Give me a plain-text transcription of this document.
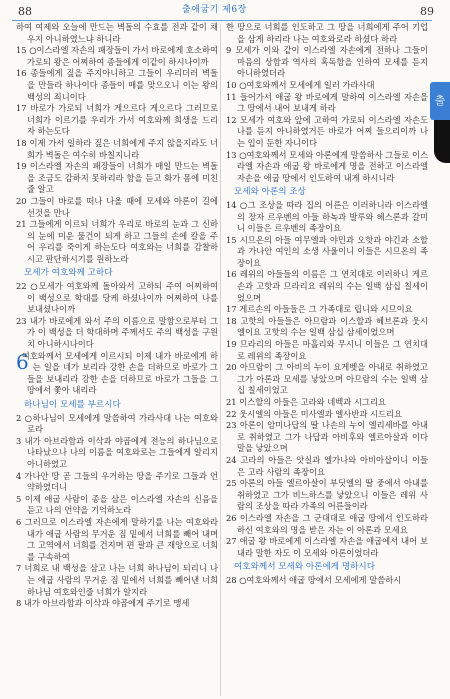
88	출애굽기 제6장	89

하여 여제와 오늘에 만드는 벽돌의 수효를 전과 같이 채우지 아니하였느냐 하니라

15 ○이스라엘 자손의 패장들이 가서 바로에게 호소하여 가로되 왕은 어찌하여 종들에게 이같이 하시나이까

16 종들에게 짚을 주지아니하고 그들이 우리더러 벽돌을 만들라 하나이다 종들이 매를 맞으오니 이는 왕의 백성의 죄니이다

17 바로가 가로되 너희가 게으르다 게으르다 그러므로 너희가 이르기를 우리가 가서 여호와께 희생을 드리자 하는도다

18 이제 가서 일하라 짚은 너희에게 주지 않을지라도 너희가 벽돌은 여수히 바칠지니라

19 이스라엘 자손의 패장들이 너희가 매일 만드는 벽돌을 조금도 감하지 못하리라 함을 듣고 화가 몸에 미친줄 알고

20 그들이 바로를 떠나 나올 때에 모세와 아론이 길에 선것을 만나

21 그들에게 이르되 너희가 우리로 바로의 눈과 그 신하의 눈에 미운 물건이 되게 하고 그들의 손에 칼을 주어 우리를 죽이게 하는도다 여호와는 너희를 감찰하시고 판단하시기를 원하노라

모세가 여호와께 고하다

22 ○모세가 여호와께 돌아와서 고하되 주여 어찌하여 이 백성으로 학대를 당케 하셨나이까 어찌하여 나를 보내셨나이까

23 내가 바로에게 와서 주의 이름으로 말함으로부터 그가 이 백성을 더 학대하며 주께서도 주의 백성을 구원치 아니하시나이다

6
여호와께서 모세에게 이르시되 이제 내가 바로에게 하는 일을 네가 보리라 강한 손을 더하므로 바로가 그들을 보내리라 강한 손을 더하므로 바로가 그들을 그 땅에서 쫓아 내리라

하나님이 모세를 부르시다

2 ○하나님이 모세에게 말씀하여 가라사대 나는 여호와로라

3 내가 아브라함과 이삭과 야곱에게 전능의 하나님으로 나타났으나 나의 이름을 여호와로는 그들에게 알리지 아니하였고

4 가나안 땅 곧 그들의 우거하는 땅을 주기로 그들과 언약하였더니

5 이제 애굽 사람이 종을 삼은 이스라엘 자손의 신음을 듣고 나의 언약을 기억하노라

6 그러므로 이스라엘 자손에게 말하기를 나는 여호와라 내가 애굽 사람의 무거운 짐 밑에서 너희를 빼어 내며 그 고역에서 너희를 건지며 편 팔과 큰 재앙으로 너희를 구속하여

7 너희로 내 백성을 삼고 나는 너희 하나님이 되리니 나는 애굽 사람의 무거운 짐 밑에서 너희를 빼어낸 너희 하나님 여호와인줄 너희가 알지라

8 내가 아브라함과 이삭과 야곱에게 주기로 맹세

한 땅으로 너희를 인도하고 그 땅을 너희에게 주어 기업을 삼게 하리라 나는 여호와로라 하셨다 하라

9 모세가 이와 같이 이스라엘 자손에게 전하나 그들이 마음의 상함과 역사의 혹독함을 인하여 모세를 듣지 아니하였더라

10 ○여호와께서 모세에게 일러 가라사대

11 들어가서 애굽 왕 바로에게 말하여 이스라엘 자손을 그 땅에서 내어 보내게 하라

12 모세가 여호와 앞에 고하여 가로되 이스라엘 자손도 나를 듣지 아니하였거든 바로가 어찌 들으리이까 나는 입이 둔한 자니이다

13 ○여호와께서 모세와 아론에게 말씀하사 그들로 이스라엘 자손과 애굽 왕 바로에게 명을 전하고 이스라엘 자손을 애굽 땅에서 인도하여 내게 하시니라

모세와 아론의 조상

14 ○그 조상을 따라 집의 어른은 이러하니라 이스라엘의 장자 르우벤의 아들 하녹과 발루와 헤스론과 갈미니 이들은 르우벤의 족장이요

15 시므온의 아들 여무엘과 야민과 오핫과 야긴과 소할과 가나안 여인의 소생 사울이니 이들은 시므온의 족장이요

16 레위의 아들들의 이름은 그 연치대로 이러하니 게르손과 고핫과 므라리요 레위의 수는 일백 삼십 칠세이었으며

17 게르손의 아들들은 그 가족대로 립니와 시므이요

18 고핫의 아들들은 아므람과 이스할과 헤브론과 웃시엘이요 고핫의 수는 일백 삼십 삼세이었으며

19 므라리의 아들은 마흘리와 무시니 이들은 그 연치대로 레위의 족장이요

20 아므람이 그 아비의 누이 요게벳을 아내로 취하였고 그가 아론과 모세를 낳았으며 아므람의 수는 일백 삼십 칠세이었고

21 이스할의 아들은 고라와 네벡과 시그리요

22 웃시엘의 아들은 미사엘과 엘사반과 시드리요

23 아론이 암미나답의 딸 나손의 누이 엘리세바를 아내로 취하였고 그가 나답과 아비후와 엘르아살과 이다말을 낳았으며

24 고라의 아들은 앗실과 엘가나와 아비아삽이니 이들은 고라 사람의 족장이요

25 아론의 아들 엘르아살이 부딧엘의 딸 중에서 아내를 취하였고 그가 비느하스를 낳았으니 이들은 레위 사람의 조상을 따라 가족의 어른들이라

26 이스라엘 자손을 그 군대대로 애굽 땅에서 인도하라 하신 여호와의 명을 받은 자는 이 아론과 모세요

27 애굽 왕 바로에게 이스라엘 자손을 애굽에서 내어 보내라 말한 자도 이 모세와 아론이었더라

여호와께서 모세와 아론에게 명하시다

28 ○여호와께서 애굽 땅에서 모세에게 말씀하시

출
